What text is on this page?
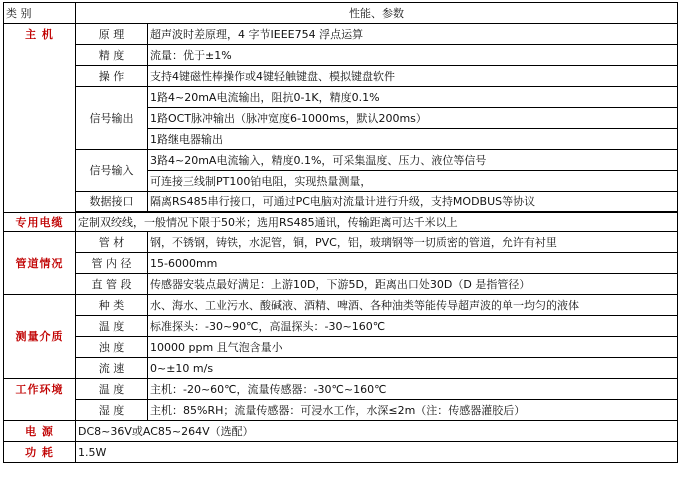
类 别	性能、参数	
主 机	原 理	超声波时差原理，4 字节IEEE754 浮点运算
	精 度	流量：优于±1%
	操 作	支持4键磁性棒操作或4键轻触键盘、模拟键盘软件
	信号输出	1路4~20mA电流输出，阻抗0-1K，精度0.1%
		1路OCT脉冲输出（脉冲宽度6-1000ms，默认200ms）
		1路继电器输出
	信号输入	3路4~20mA电流输入，精度0.1%，可采集温度、压力、液位等信号
		可连接三线制PT100铂电阻，实现热量测量，
	数据接口	隔离RS485串行接口，可通过PC电脑对流量计进行升级，支持MODBUS等协议

专用电缆	定制双绞线，一般情况下限于50米；选用RS485通讯，传输距离可达千米以上	
管道情况	管 材	钢，不锈钢，铸铁，水泥管，铜，PVC，铝，玻璃钢等一切质密的管道，允许有衬里
	管 内 径	15-6000mm
	直 管 段	传感器安装点最好满足：上游10D，下游5D，距离出口处30D（D 是指管径）
测量介质	种 类	水、海水、工业污水、酸碱液、酒精、啤酒、各种油类等能传导超声波的单一均匀的液体
	温 度	标准探头：-30~90℃，高温探头：-30~160℃
	浊 度	10000 ppm 且气泡含量小
	流 速	0~±10 m/s
工作环境	温 度	主机：-20~60℃，流量传感器：-30℃~160℃
	湿 度	主机：85%RH；流量传感器：可浸水工作，水深≤2m（注：传感器灌胶后）
电 源	DC8~36V或AC85~264V（选配）	
功 耗	1.5W	
